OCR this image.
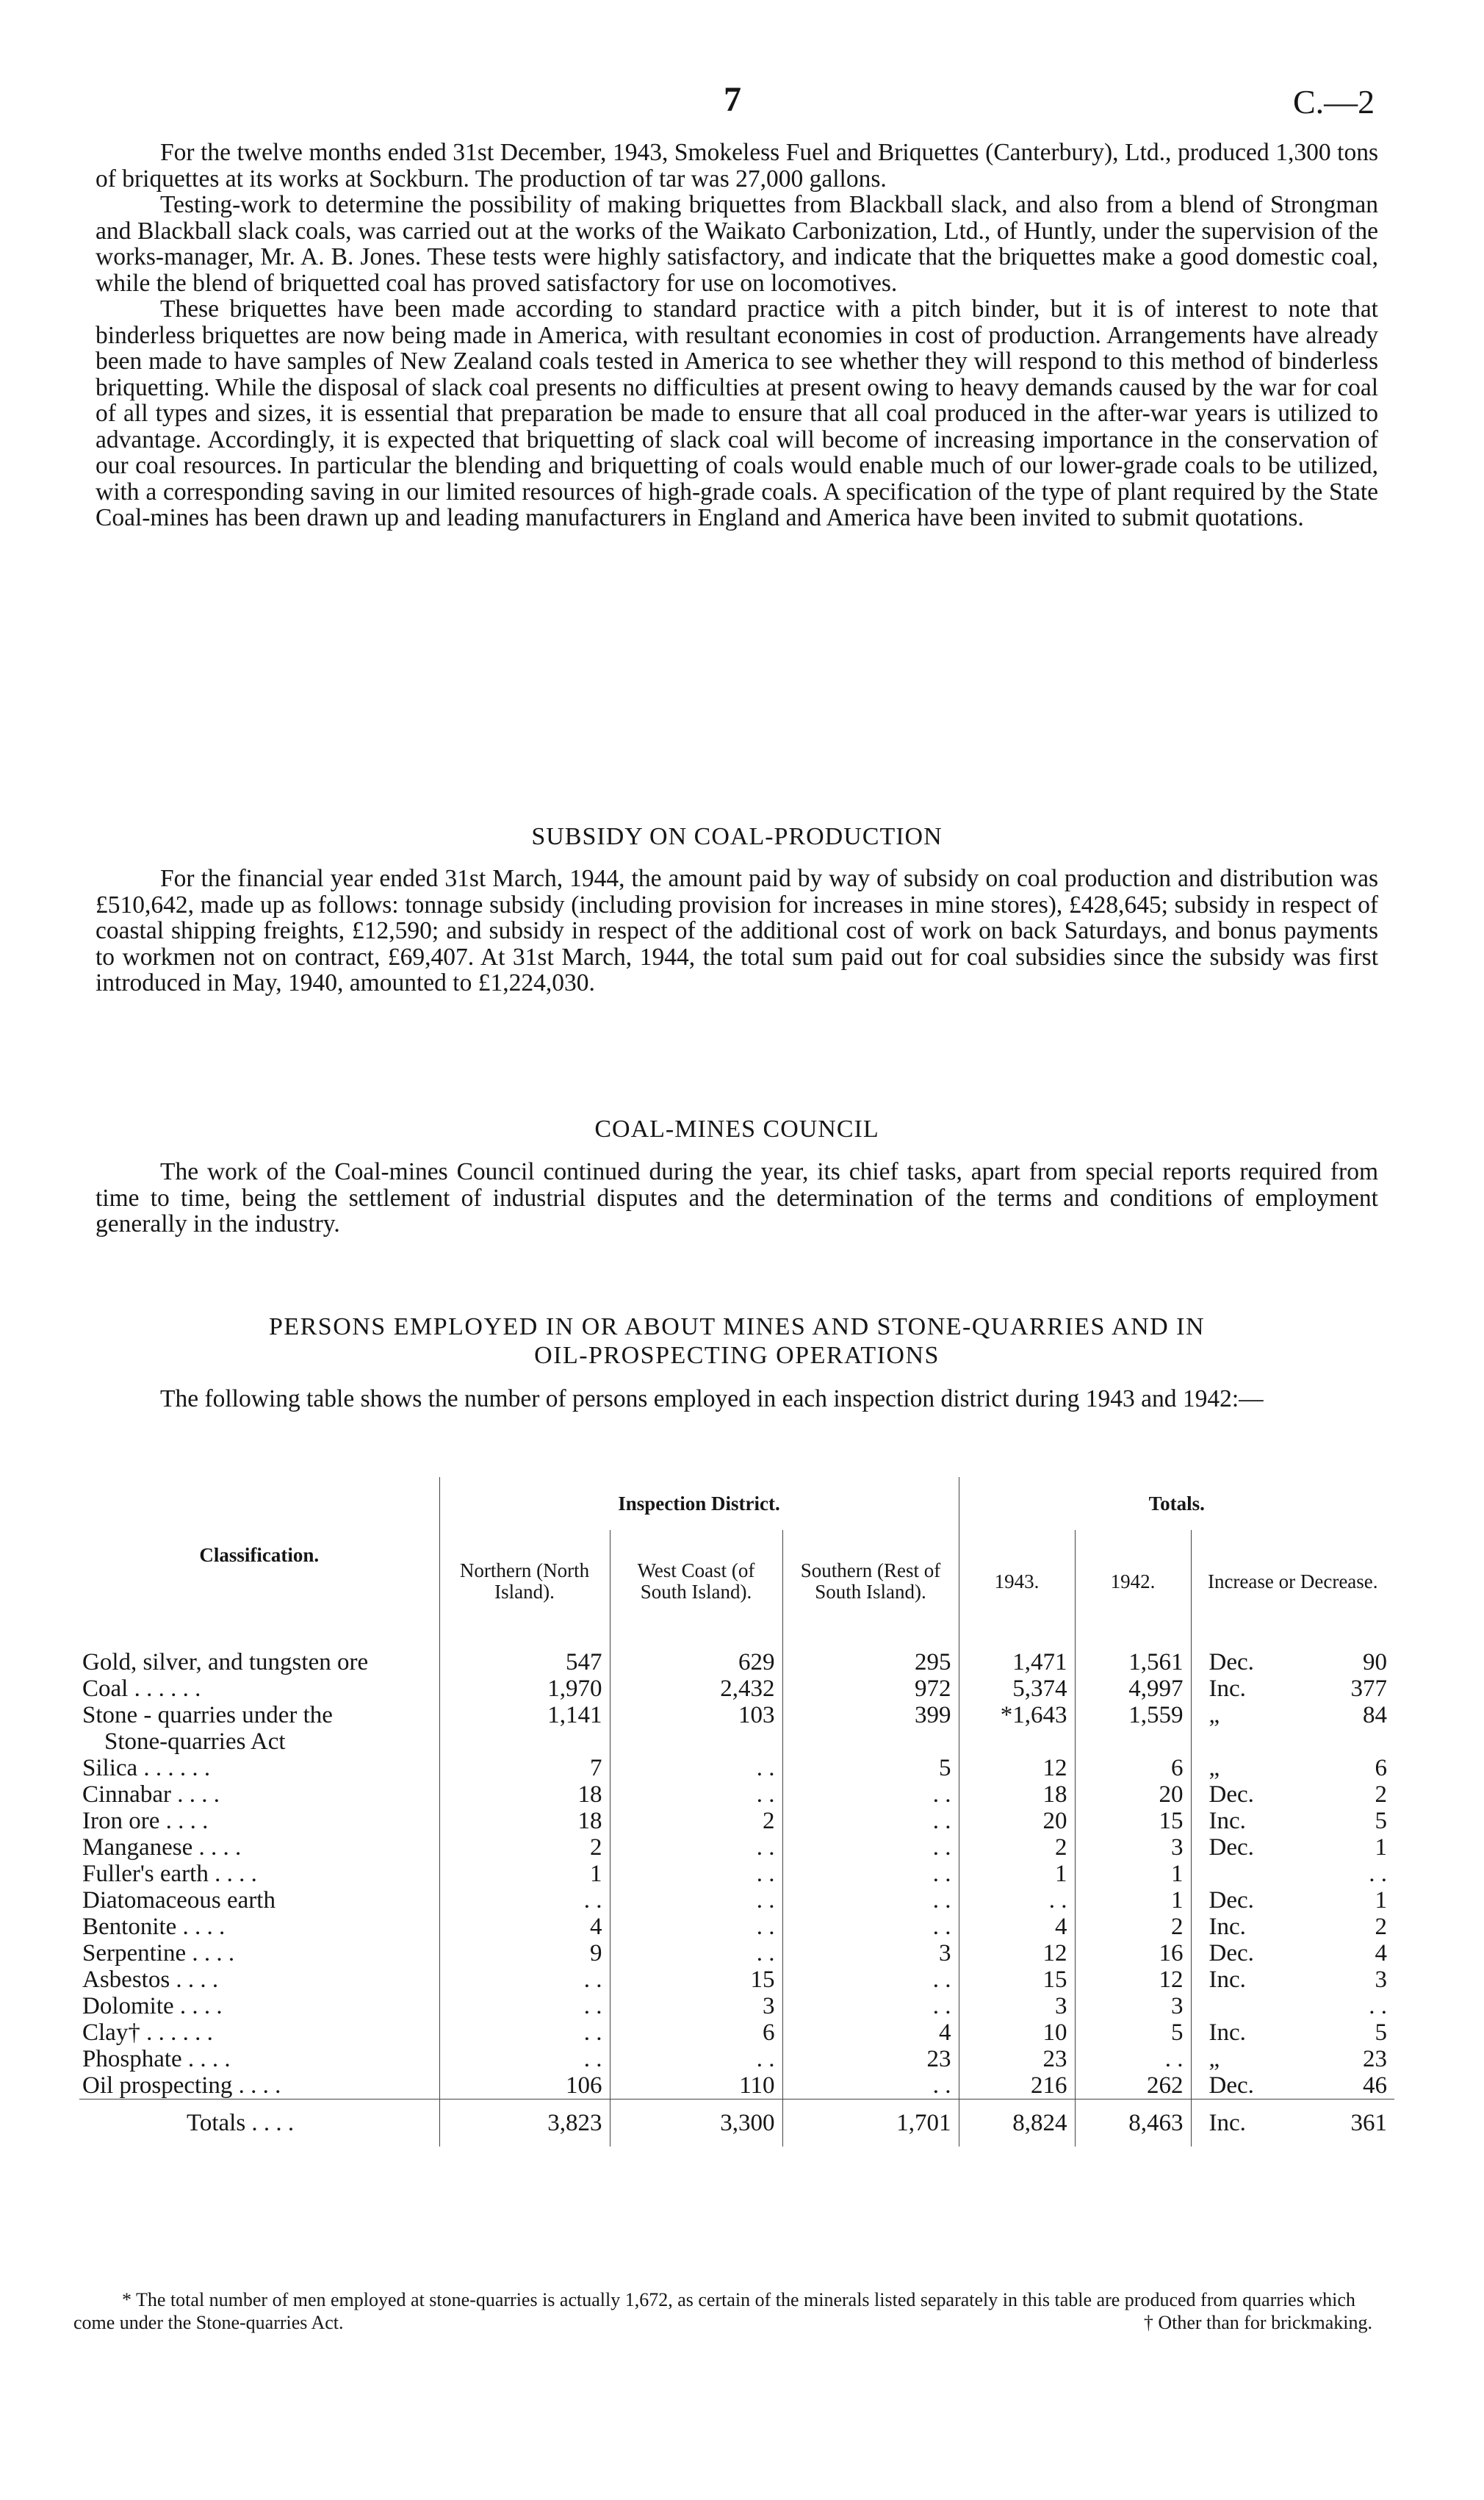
7	C.—2

For the twelve months ended 31st December, 1943, Smokeless Fuel and Briquettes (Canterbury), Ltd., produced 1,300 tons of briquettes at its works at Sockburn. The production of tar was 27,000 gallons.

Testing-work to determine the possibility of making briquettes from Blackball slack, and also from a blend of Strongman and Blackball slack coals, was carried out at the works of the Waikato Carbonization, Ltd., of Huntly, under the supervision of the works-manager, Mr. A. B. Jones. These tests were highly satisfactory, and indicate that the briquettes make a good domestic coal, while the blend of briquetted coal has proved satisfactory for use on locomotives.

These briquettes have been made according to standard practice with a pitch binder, but it is of interest to note that binderless briquettes are now being made in America, with resultant economies in cost of production. Arrangements have already been made to have samples of New Zealand coals tested in America to see whether they will respond to this method of binderless briquetting. While the disposal of slack coal presents no difficulties at present owing to heavy demands caused by the war for coal of all types and sizes, it is essential that preparation be made to ensure that all coal produced in the after-war years is utilized to advantage. Accordingly, it is expected that briquetting of slack coal will become of increasing importance in the conservation of our coal resources. In particular the blending and briquetting of coals would enable much of our lower-grade coals to be utilized, with a corresponding saving in our limited resources of high-grade coals. A specification of the type of plant required by the State Coal-mines has been drawn up and leading manufacturers in England and America have been invited to submit quotations.

SUBSIDY ON COAL-PRODUCTION

For the financial year ended 31st March, 1944, the amount paid by way of subsidy on coal production and distribution was £510,642, made up as follows: tonnage subsidy (including provision for increases in mine stores), £428,645; subsidy in respect of coastal shipping freights, £12,590; and subsidy in respect of the additional cost of work on back Saturdays, and bonus payments to workmen not on contract, £69,407. At 31st March, 1944, the total sum paid out for coal subsidies since the subsidy was first introduced in May, 1940, amounted to £1,224,030.

COAL-MINES COUNCIL

The work of the Coal-mines Council continued during the year, its chief tasks, apart from special reports required from time to time, being the settlement of industrial disputes and the determination of the terms and conditions of employment generally in the industry.

PERSONS EMPLOYED IN OR ABOUT MINES AND STONE-QUARRIES AND IN
OIL-PROSPECTING OPERATIONS

The following table shows the number of persons employed in each inspection district during 1943 and 1942:—

Classification.	Inspection District.			Totals.			
	Northern (North Island).	West Coast (of South Island).	Southern (Rest of South Island).	1943.	1942.	Increase or Decrease.	
Gold, silver, and tungsten ore	547	629	295	1,471	1,561	Dec.	90
Coal . . . . . .	1,970	2,432	972	5,374	4,997	Inc.	377
Stone - quarries under the	1,141	103	399	*1,643	1,559	„	84
Stone-quarries Act							
Silica . . . . . .	7	. .	5	12	6	„	6
Cinnabar . . . .	18	. .	. .	18	20	Dec.	2
Iron ore . . . .	18	2	. .	20	15	Inc.	5
Manganese . . . .	2	. .	. .	2	3	Dec.	1
Fuller's earth . . . .	1	. .	. .	1	1		. .
Diatomaceous earth	. .	. .	. .	. .	1	Dec.	1
Bentonite . . . .	4	. .	. .	4	2	Inc.	2
Serpentine . . . .	9	. .	3	12	16	Dec.	4
Asbestos . . . .	. .	15	. .	15	12	Inc.	3
Dolomite . . . .	. .	3	. .	3	3		. .
Clay† . . . . . .	. .	6	4	10	5	Inc.	5
Phosphate . . . .	. .	. .	23	23	. .	„	23
Oil prospecting . . . .	106	110	. .	216	262	Dec.	46
Totals . . . .	3,823	3,300	1,701	8,824	8,463	Inc.	361

* The total number of men employed at stone-quarries is actually 1,672, as certain of the minerals listed separately in this table are produced from quarries which come under the Stone-quarries Act.	† Other than for brickmaking.
